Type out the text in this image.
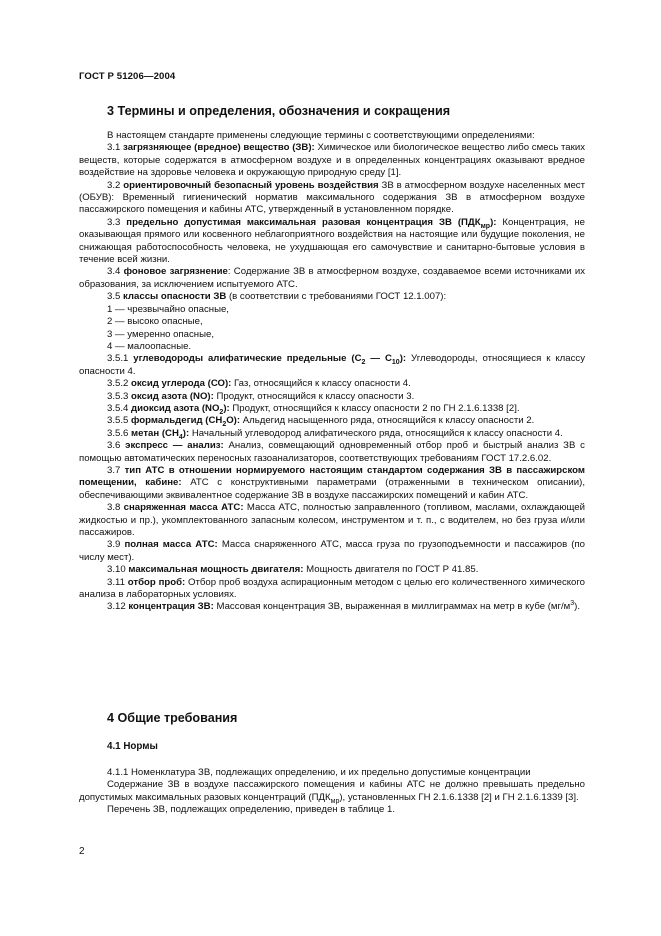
ГОСТ Р 51206—2004
3 Термины и определения, обозначения и сокращения

В настоящем стандарте применены следующие термины с соответствующими определениями:

3.1 загрязняющее (вредное) вещество (ЗВ): Химическое или биологическое вещество либо смесь таких веществ, которые содержатся в атмосферном воздухе и в определенных концентрациях оказывают вредное воздействие на здоровье человека и окружающую природную среду [1].

3.2 ориентировочный безопасный уровень воздействия ЗВ в атмосферном воздухе населенных мест (ОБУВ): Временный гигиенический норматив максимального содержания ЗВ в атмосферном воздухе пассажирского помещения и кабины АТС, утвержденный в установленном порядке.

3.3 предельно допустимая максимальная разовая концентрация ЗВ $(ПДК_{мр})$: Концентрация, не оказывающая прямого или косвенного неблагоприятного воздействия на настоящие или будущие поколения, не снижающая работоспособность человека, не ухудшающая его самочувствие и санитарно-бытовые условия в течение всей жизни.

3.4 фоновое загрязнение: Содержание ЗВ в атмосферном воздухе, создаваемое всеми источниками их образования, за исключением испытуемого АТС.

3.5 классы опасности ЗВ (в соответствии с требованиями ГОСТ 12.1.007):

1 — чрезвычайно опасные,

2 — высоко опасные,

3 — умеренно опасные,

4 — малоопасные.

3.5.1 углеводороды алифатические предельные ($С_2$ — $С_{10}$): Углеводороды, относящиеся к классу опасности 4.

3.5.2 оксид углерода (СО): Газ, относящийся к классу опасности 4.

3.5.3 оксид азота (NO): Продукт, относящийся к классу опасности 3.

3.5.4 диоксид азота $(NO_2)$: Продукт, относящийся к классу опасности 2 по ГН 2.1.6.1338 [2].

3.5.5 формальдегид $(СН_2О)$: Альдегид насыщенного ряда, относящийся к классу опасности 2.

3.5.6 метан $(СН_4)$: Начальный углеводород алифатического ряда, относящийся к классу опасности 4.

3.6 экспресс — анализ: Анализ, совмещающий одновременный отбор проб и быстрый анализ ЗВ с помощью автоматических переносных газоанализаторов, соответствующих требованиям ГОСТ 17.2.6.02.

3.7 тип АТС в отношении нормируемого настоящим стандартом содержания ЗВ в пассажирском помещении, кабине: АТС с конструктивными параметрами (отраженными в техническом описании), обеспечивающими эквивалентное содержание ЗВ в воздухе пассажирских помещений и кабин АТС.

3.8 снаряженная масса АТС: Масса АТС, полностью заправленного (топливом, маслами, охлаждающей жидкостью и пр.), укомплектованного запасным колесом, инструментом и т. п., с водителем, но без груза и/или пассажиров.

3.9 полная масса АТС: Масса снаряженного АТС, масса груза по грузоподъемности и пассажиров (по числу мест).

3.10 максимальная мощность двигателя: Мощность двигателя по ГОСТ Р 41.85.

3.11 отбор проб: Отбор проб воздуха аспирационным методом с целью его количественного химического анализа в лабораторных условиях.

3.12 концентрация ЗВ: Массовая концентрация ЗВ, выраженная в миллиграммах на метр в кубе $(мг/м^3)$.

4 Общие требования
4.1 Нормы

4.1.1 Номенклатура ЗВ, подлежащих определению, и их предельно допустимые концентрации

Содержание ЗВ в воздухе пассажирского помещения и кабины АТС не должно превышать предельно допустимых максимальных разовых концентраций $(ПДК_{мр})$, установленных ГН 2.1.6.1338 [2] и ГН 2.1.6.1339 [3].

Перечень ЗВ, подлежащих определению, приведен в таблице 1.

2
